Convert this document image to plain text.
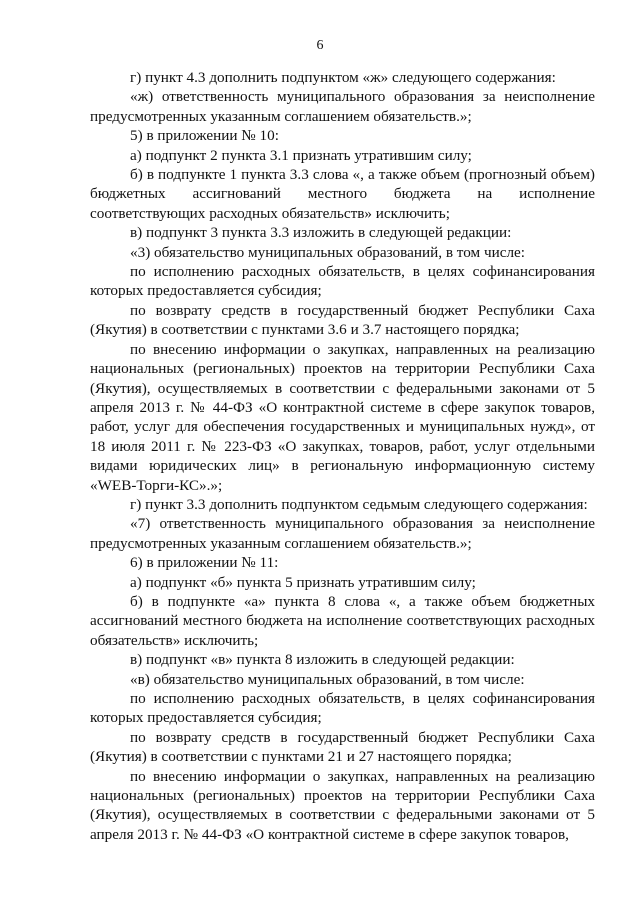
6

г) пункт 4.3 дополнить подпунктом «ж» следующего содержания:

«ж) ответственность муниципального образования за неисполнение предусмотренных указанным соглашением обязательств.»;

5) в приложении № 10:

а) подпункт 2 пункта 3.1 признать утратившим силу;

б) в подпункте 1 пункта 3.3 слова «, а также объем (прогнозный объем) бюджетных ассигнований местного бюджета на исполнение соответствующих расходных обязательств» исключить;

в) подпункт 3 пункта 3.3 изложить в следующей редакции:

«3) обязательство муниципальных образований, в том числе:

по исполнению расходных обязательств, в целях софинансирования которых предоставляется субсидия;

по возврату средств в государственный бюджет Республики Саха (Якутия) в соответствии с пунктами 3.6 и 3.7 настоящего порядка;

по внесению информации о закупках, направленных на реализацию национальных (региональных) проектов на территории Республики Саха (Якутия), осуществляемых в соответствии с федеральными законами от 5 апреля 2013 г. № 44-ФЗ «О контрактной системе в сфере закупок товаров, работ, услуг для обеспечения государственных и муниципальных нужд», от 18 июля 2011 г. № 223-ФЗ «О закупках, товаров, работ, услуг отдельными видами юридических лиц» в региональную информационную систему «WEB-Торги-КС».»;

г) пункт 3.3 дополнить подпунктом седьмым следующего содержания:

«7) ответственность муниципального образования за неисполнение предусмотренных указанным соглашением обязательств.»;

6) в приложении № 11:

а) подпункт «б» пункта 5 признать утратившим силу;

б) в подпункте «а» пункта 8 слова «, а также объем бюджетных ассигнований местного бюджета на исполнение соответствующих расходных обязательств» исключить;

в) подпункт «в» пункта 8 изложить в следующей редакции:

«в) обязательство муниципальных образований, в том числе:

по исполнению расходных обязательств, в целях софинансирования которых предоставляется субсидия;

по возврату средств в государственный бюджет Республики Саха (Якутия) в соответствии с пунктами 21 и 27 настоящего порядка;

по внесению информации о закупках, направленных на реализацию национальных (региональных) проектов на территории Республики Саха (Якутия), осуществляемых в соответствии с федеральными законами от 5 апреля 2013 г. № 44-ФЗ «О контрактной системе в сфере закупок товаров,
